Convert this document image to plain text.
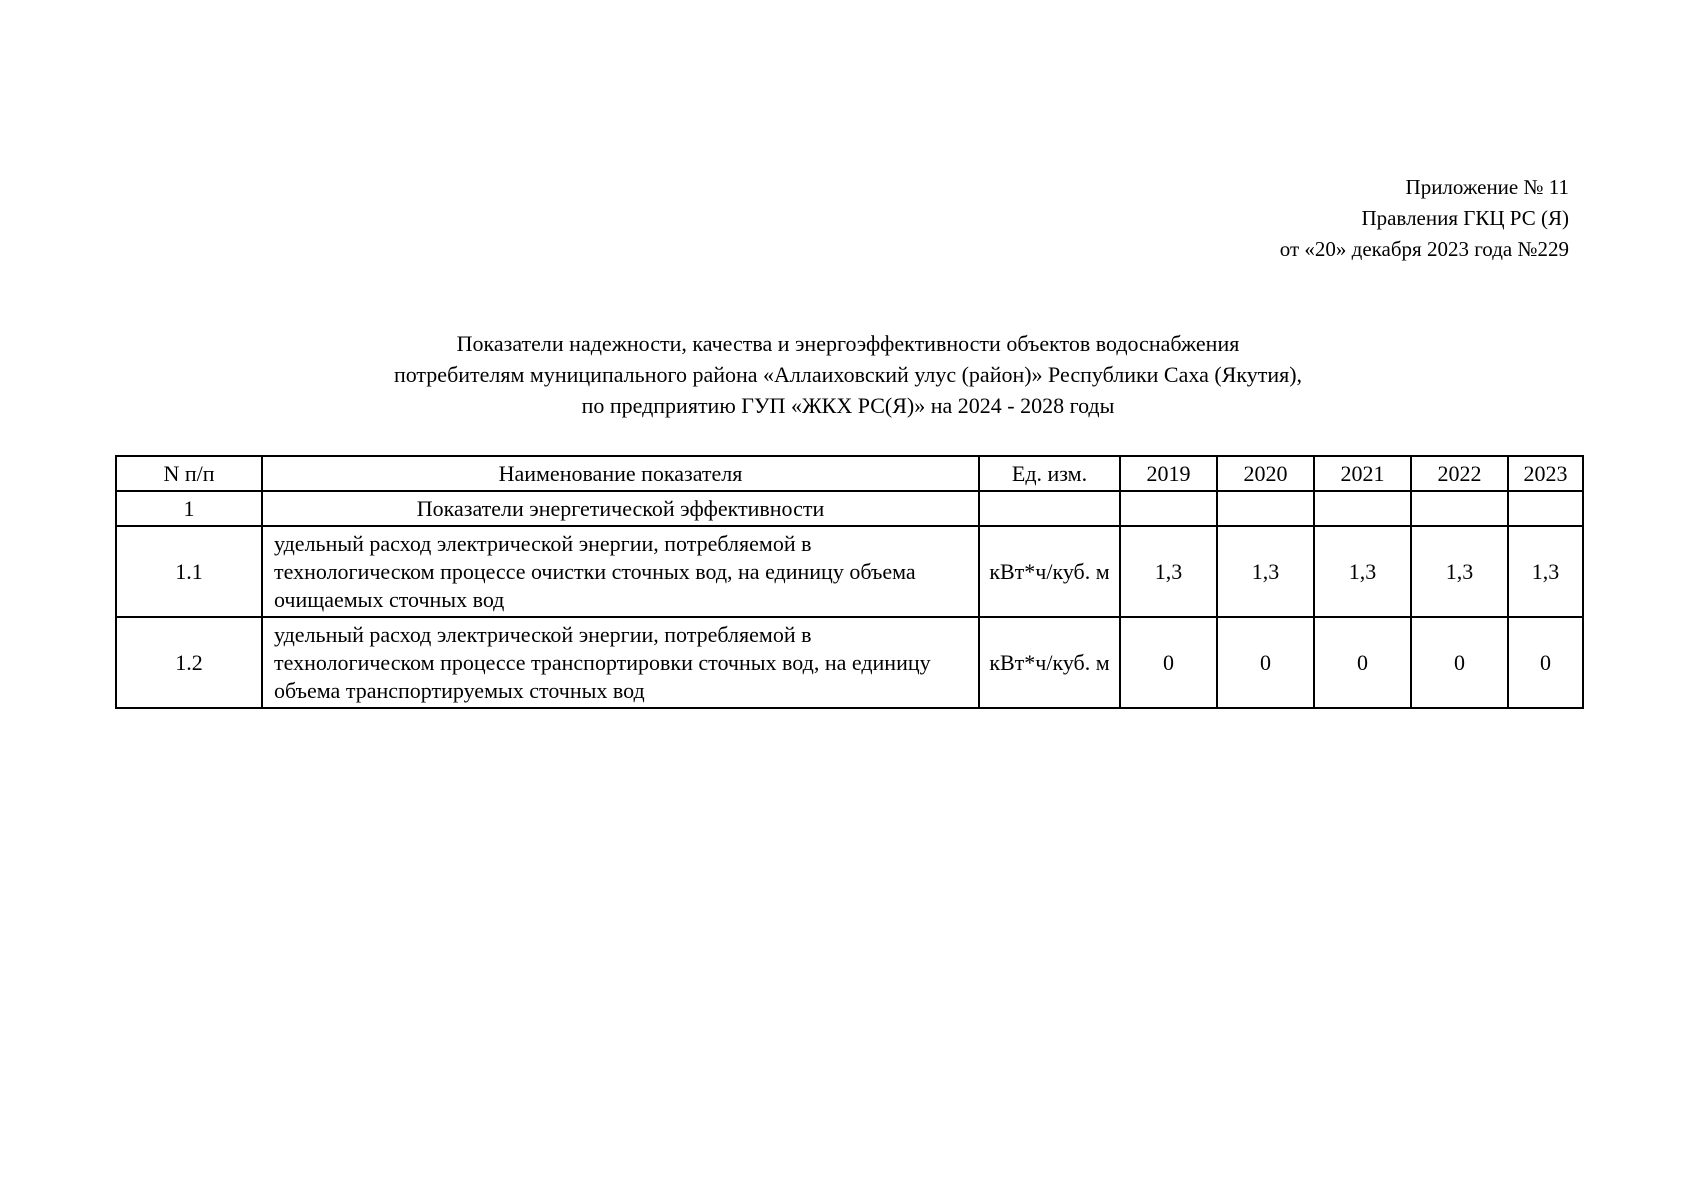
Приложение № 11
Правления ГКЦ РС (Я)
от «20» декабря 2023 года №229
Показатели надежности, качества и энергоэффективности объектов водоснабжения
потребителям муниципального района «Аллаиховский улус (район)» Республики Саха (Якутия),
по предприятию ГУП «ЖКХ РС(Я)» на 2024 - 2028 годы
N п/п	Наименование показателя	Ед. изм.	2019	2020	2021	2022	2023
1	Показатели энергетической эффективности						
1.1	удельный расход электрической энергии, потребляемой в технологическом процессе очистки сточных вод, на единицу объема очищаемых сточных вод	кВт*ч/куб. м	1,3	1,3	1,3	1,3	1,3
1.2	удельный расход электрической энергии, потребляемой в технологическом процессе транспортировки сточных вод, на единицу объема транспортируемых сточных вод	кВт*ч/куб. м	0	0	0	0	0
